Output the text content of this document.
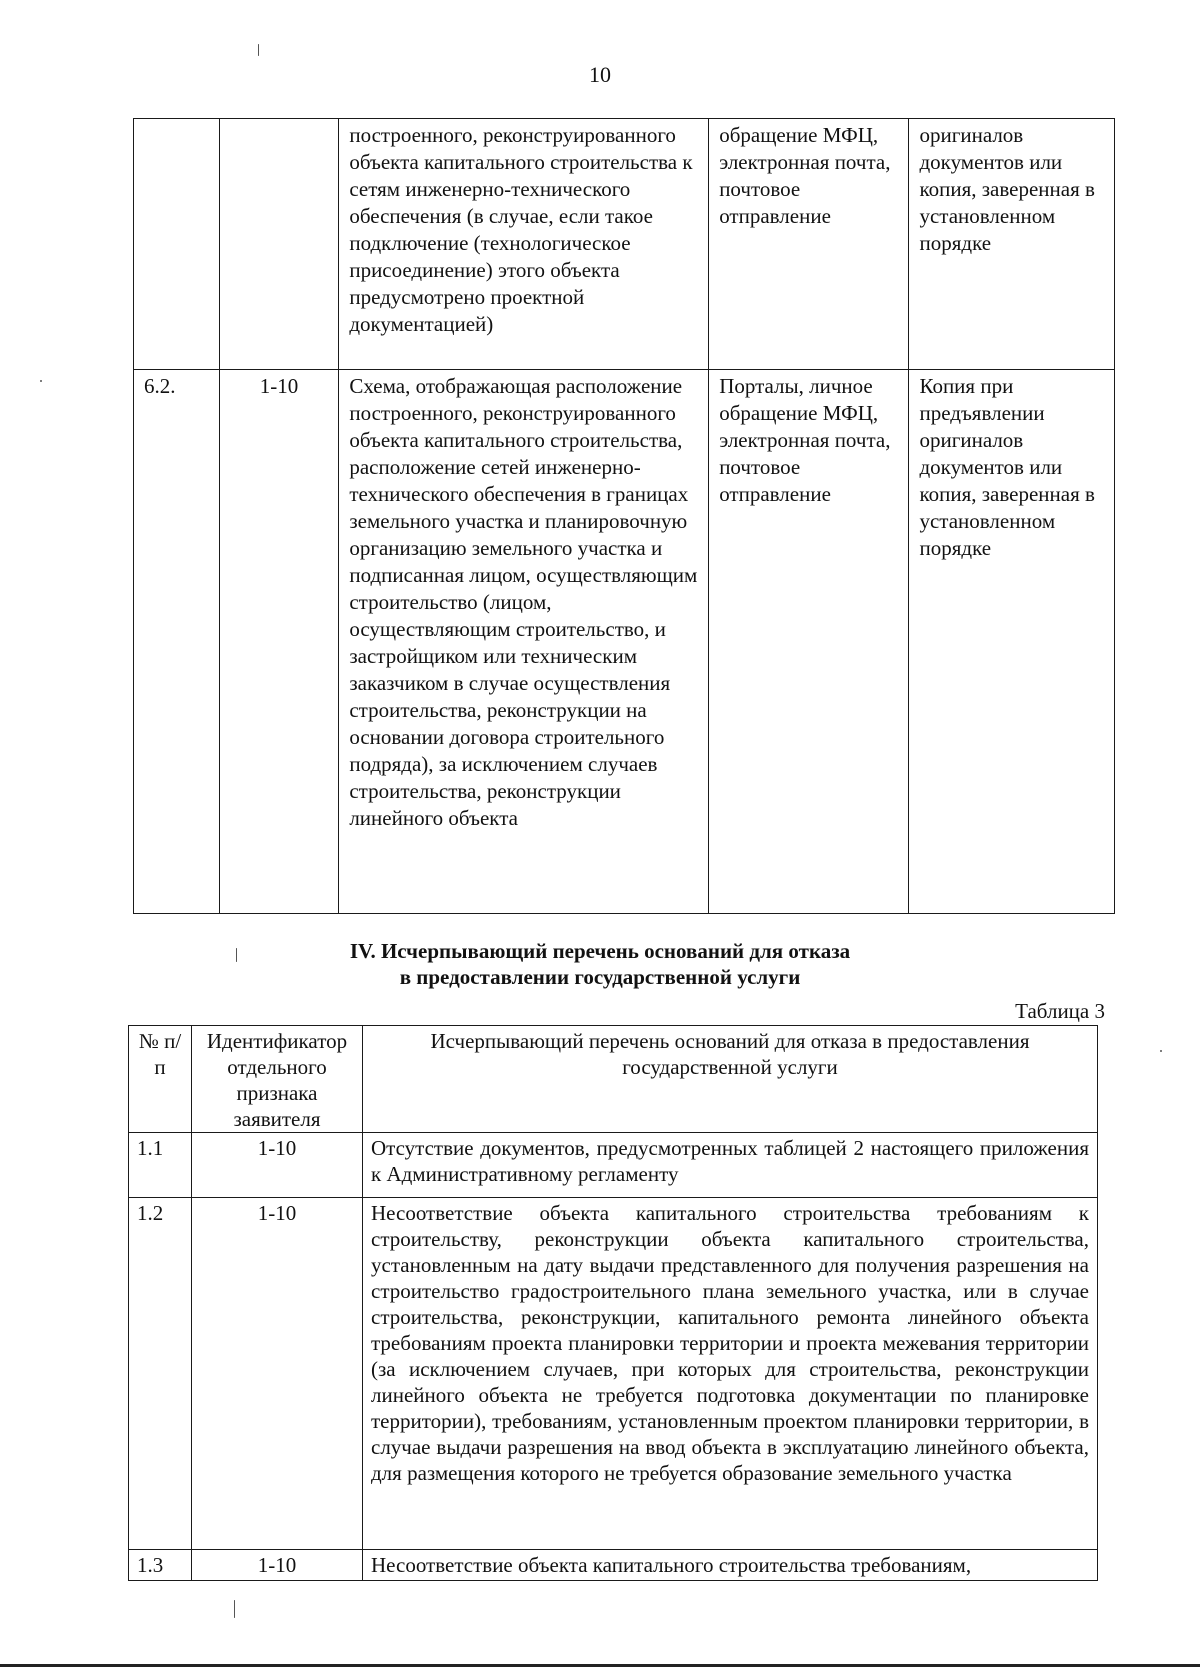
10
		построенного, реконструированного объекта капитального строительства к сетям инженерно-технического обеспечения (в случае, если такое подключение (технологическое присоединение) этого объекта предусмотрено проектной документацией)	обращение МФЦ, электронная почта, почтовое отправление	оригиналов документов или копия, заверенная в установленном порядке
6.2.	1-10	Схема, отображающая расположение построенного, реконструированного объекта капитального строительства, расположение сетей инженерно-технического обеспечения в границах земельного участка и планировочную организацию земельного участка и подписанная лицом, осуществляющим строительство (лицом, осуществляющим строительство, и застройщиком или техническим заказчиком в случае осуществления строительства, реконструкции на основании договора строительного подряда), за исключением случаев строительства, реконструкции линейного объекта	Порталы, личное обращение МФЦ, электронная почта, почтовое отправление	Копия при предъявлении оригиналов документов или копия, заверенная в установленном порядке
IV. Исчерпывающий перечень оснований для отказа
в предоставлении государственной услуги
Таблица 3
№ п/п	Идентификатор отдельного признака заявителя	Исчерпывающий перечень оснований для отказа в предоставления государственной услуги
1.1	1-10	Отсутствие документов, предусмотренных таблицей 2 настоящего приложения к Административному регламенту
1.2	1-10	Несоответствие объекта капитального строительства требованиям к строительству, реконструкции объекта капитального строительства, установленным на дату выдачи представленного для получения разрешения на строительство градостроительного плана земельного участка, или в случае строительства, реконструкции, капитального ремонта линейного объекта требованиям проекта планировки территории и проекта межевания территории (за исключением случаев, при которых для строительства, реконструкции линейного объекта не требуется подготовка документации по планировке территории), требованиям, установленным проектом планировки территории, в случае выдачи разрешения на ввод объекта в эксплуатацию линейного объекта, для размещения которого не требуется образование земельного участка
1.3	1-10	Несоответствие объекта капитального строительства требованиям,
